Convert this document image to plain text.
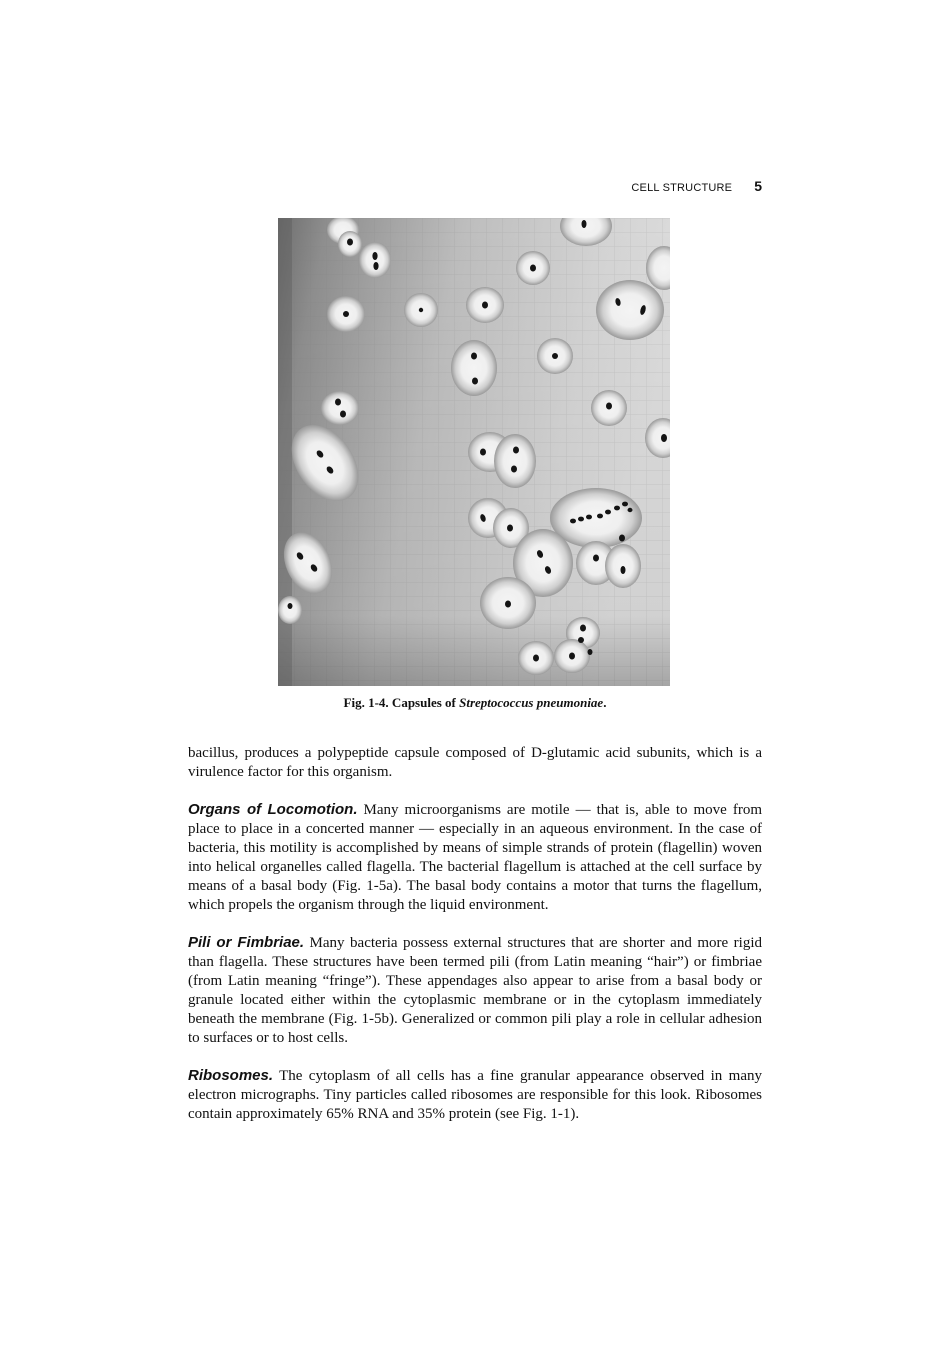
CELL STRUCTURE 5
Fig. 1-4. Capsules of Streptococcus pneumoniae.

bacillus, produces a polypeptide capsule composed of D-glutamic acid subunits, which is a virulence factor for this organism.

Organs of Locomotion. Many microorganisms are motile — that is, able to move from place to place in a concerted manner — especially in an aqueous environment. In the case of bacteria, this motility is accomplished by means of simple strands of protein (flagellin) woven into helical organelles called flagella. The bacterial flagellum is attached at the cell surface by means of a basal body (Fig. 1-5a). The basal body contains a motor that turns the flagellum, which propels the organism through the liquid environment.

Pili or Fimbriae. Many bacteria possess external structures that are shorter and more rigid than flagella. These structures have been termed pili (from Latin meaning “hair”) or fimbriae (from Latin meaning “fringe”). These appendages also appear to arise from a basal body or granule located either within the cytoplasmic membrane or in the cytoplasm immediately beneath the membrane (Fig. 1-5b). Generalized or common pili play a role in cellular adhesion to surfaces or to host cells.

Ribosomes. The cytoplasm of all cells has a fine granular appearance observed in many electron micrographs. Tiny particles called ribosomes are responsible for this look. Ribosomes contain approximately 65% RNA and 35% protein (see Fig. 1-1).
